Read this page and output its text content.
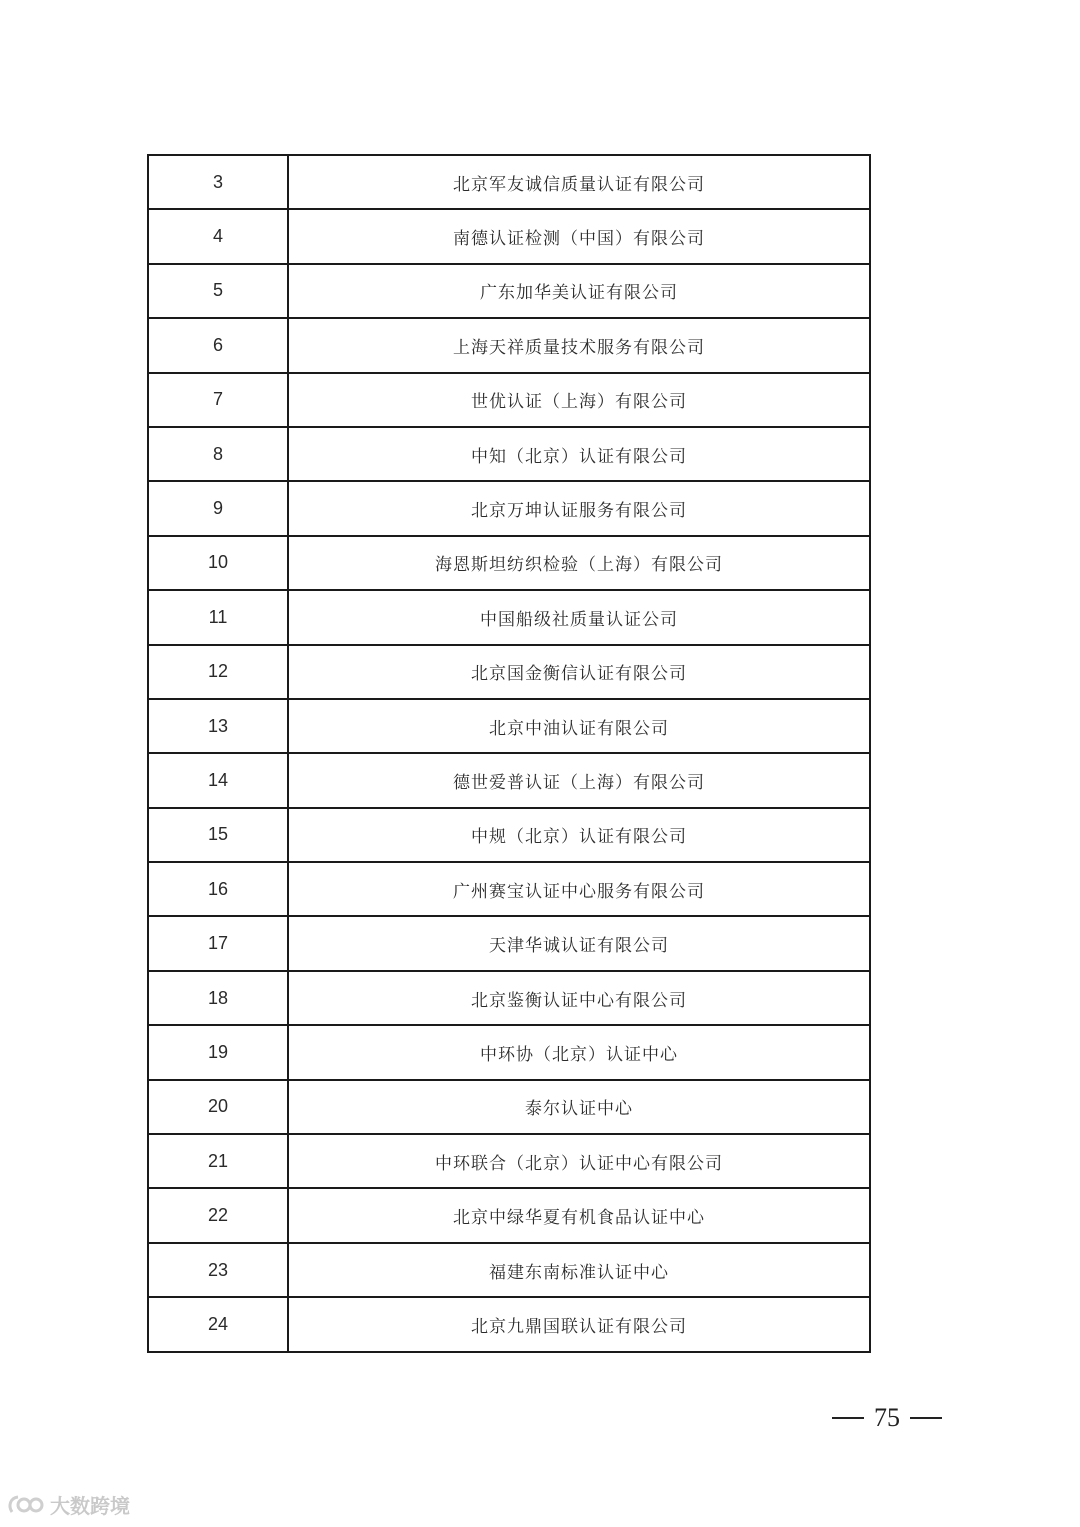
3	北京军友诚信质量认证有限公司
4	南德认证检测（中国）有限公司
5	广东加华美认证有限公司
6	上海天祥质量技术服务有限公司
7	世优认证（上海）有限公司
8	中知（北京）认证有限公司
9	北京万坤认证服务有限公司
10	海恩斯坦纺织检验（上海）有限公司
11	中国船级社质量认证公司
12	北京国金衡信认证有限公司
13	北京中油认证有限公司
14	德世爱普认证（上海）有限公司
15	中规（北京）认证有限公司
16	广州赛宝认证中心服务有限公司
17	天津华诚认证有限公司
18	北京鉴衡认证中心有限公司
19	中环协（北京）认证中心
20	泰尔认证中心
21	中环联合（北京）认证中心有限公司
22	北京中绿华夏有机食品认证中心
23	福建东南标准认证中心
24	北京九鼎国联认证有限公司
75
大数跨境
